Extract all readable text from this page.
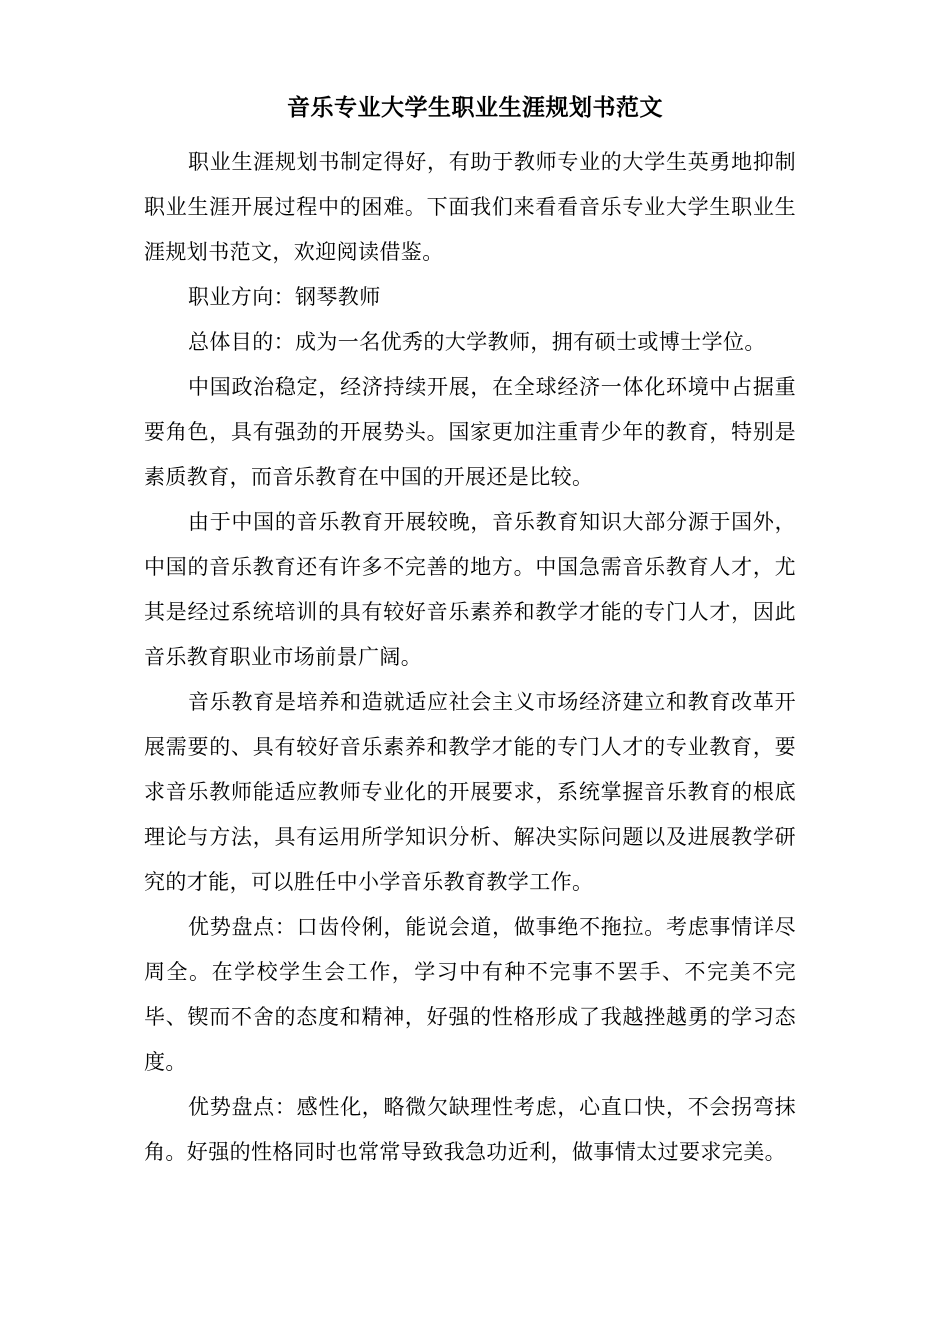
音乐专业大学生职业生涯规划书范文

职业生涯规划书制定得好，有助于教师专业的大学生英勇地抑制职业生涯开展过程中的困难。下面我们来看看音乐专业大学生职业生涯规划书范文，欢迎阅读借鉴。

职业方向：钢琴教师

总体目的：成为一名优秀的大学教师，拥有硕士或博士学位。

中国政治稳定，经济持续开展，在全球经济一体化环境中占据重要角色，具有强劲的开展势头。国家更加注重青少年的教育，特别是素质教育，而音乐教育在中国的开展还是比较。

由于中国的音乐教育开展较晚，音乐教育知识大部分源于国外，中国的音乐教育还有许多不完善的地方。中国急需音乐教育人才，尤其是经过系统培训的具有较好音乐素养和教学才能的专门人才，因此音乐教育职业市场前景广阔。

音乐教育是培养和造就适应社会主义市场经济建立和教育改革开展需要的、具有较好音乐素养和教学才能的专门人才的专业教育，要求音乐教师能适应教师专业化的开展要求，系统掌握音乐教育的根底理论与方法，具有运用所学知识分析、解决实际问题以及进展教学研究的才能，可以胜任中小学音乐教育教学工作。

优势盘点：口齿伶俐，能说会道，做事绝不拖拉。考虑事情详尽周全。在学校学生会工作，学习中有种不完事不罢手、不完美不完毕、锲而不舍的态度和精神，好强的性格形成了我越挫越勇的学习态度。

优势盘点：感性化，略微欠缺理性考虑，心直口快，不会拐弯抹角。好强的性格同时也常常导致我急功近利，做事情太过要求完美。
